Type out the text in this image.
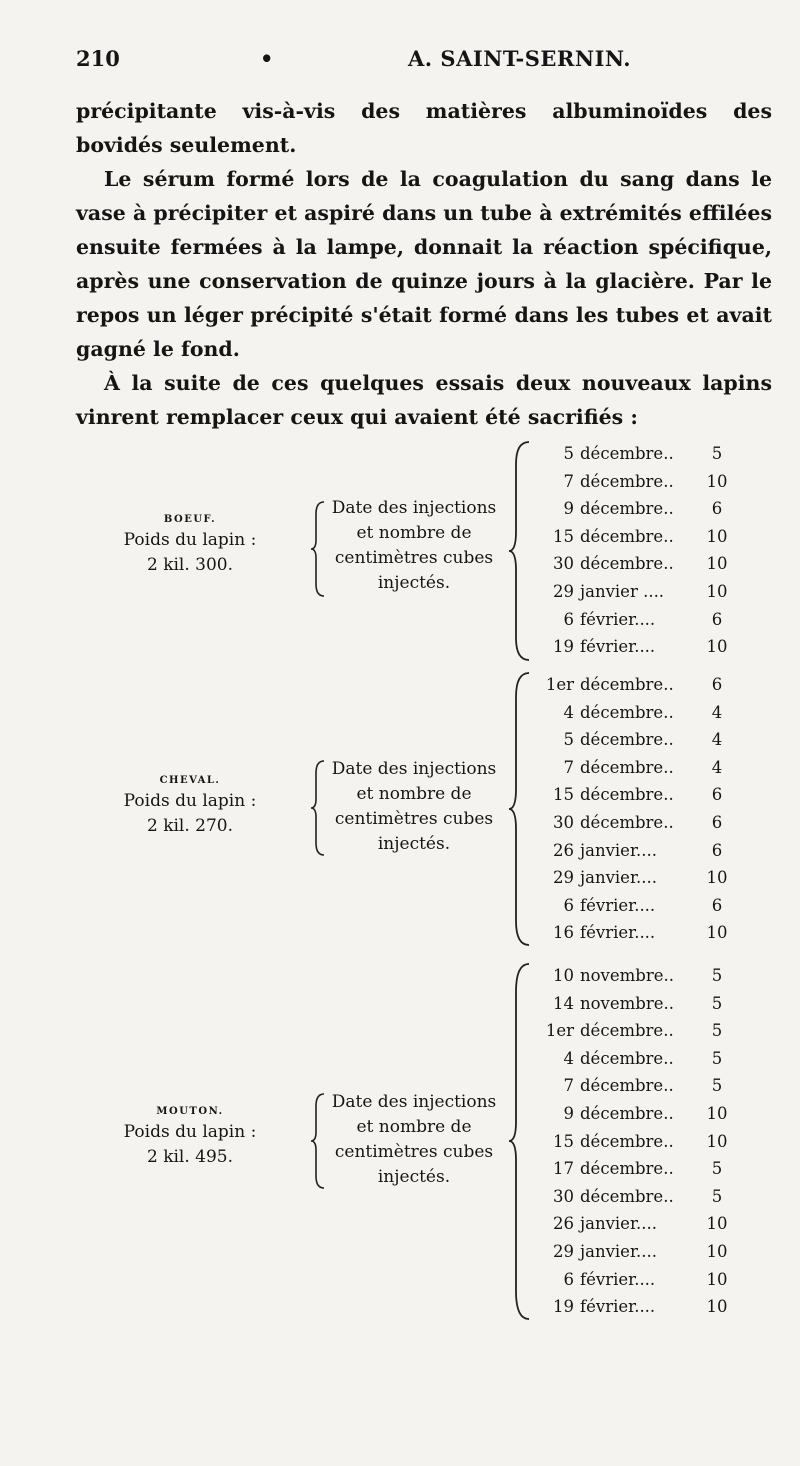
210	•	A. SAINT-SERNIN.

précipitante vis-à-vis des matières albuminoïdes des bovidés seulement.

Le sérum formé lors de la coagulation du sang dans le vase à précipiter et aspiré dans un tube à extrémités effilées ensuite fermées à la lampe, donnait la réaction spécifique, après une conservation de quinze jours à la glacière. Par le repos un léger précipité s'était formé dans les tubes et avait gagné le fond.

À la suite de ces quelques essais deux nouveaux lapins vinrent remplacer ceux qui avaient été sacrifiés :

BOEUF.
Poids du lapin :
2 kil. 300.
Date des injections et nombre de centimètres cubes injectés.
5 décembre..	5
7 décembre..	10
9 décembre..	6
15 décembre..	10
30 décembre..	10
29 janvier ....	10
6 février....	6
19 février....	10
CHEVAL.
Poids du lapin :
2 kil. 270.
Date des injections et nombre de centimètres cubes injectés.
1er décembre..	6
4 décembre..	4
5 décembre..	4
7 décembre..	4
15 décembre..	6
30 décembre..	6
26 janvier....	6
29 janvier....	10
6 février....	6
16 février....	10
MOUTON.
Poids du lapin :
2 kil. 495.
Date des injections et nombre de centimètres cubes injectés.
10 novembre..	5
14 novembre..	5
1er décembre..	5
4 décembre..	5
7 décembre..	5
9 décembre..	10
15 décembre..	10
17 décembre..	5
30 décembre..	5
26 janvier....	10
29 janvier....	10
6 février....	10
19 février....	10
